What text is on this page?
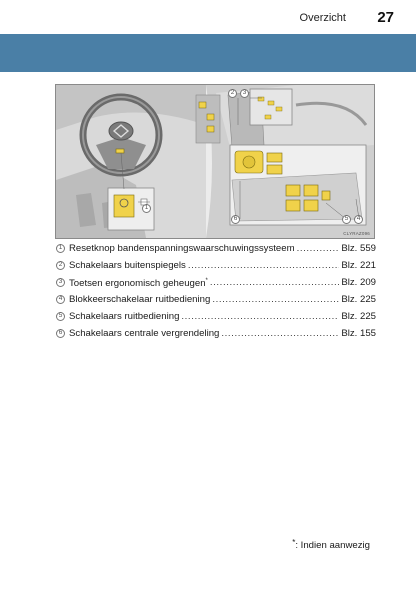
Overzicht 27
1
2	3
6	5	4
CLYRAZ096
1 Resetknop bandenspanningswaarschuwingssysteem .....	Blz. 559
2 Schakelaars buitenspiegels .....	Blz. 221
3 Toetsen ergonomisch geheugen* .....	Blz. 209
4 Blokkeerschakelaar ruitbediening .....	Blz. 225
5 Schakelaars ruitbediening .....	Blz. 225
6 Schakelaars centrale vergrendeling .....	Blz. 155
*: Indien aanwezig
